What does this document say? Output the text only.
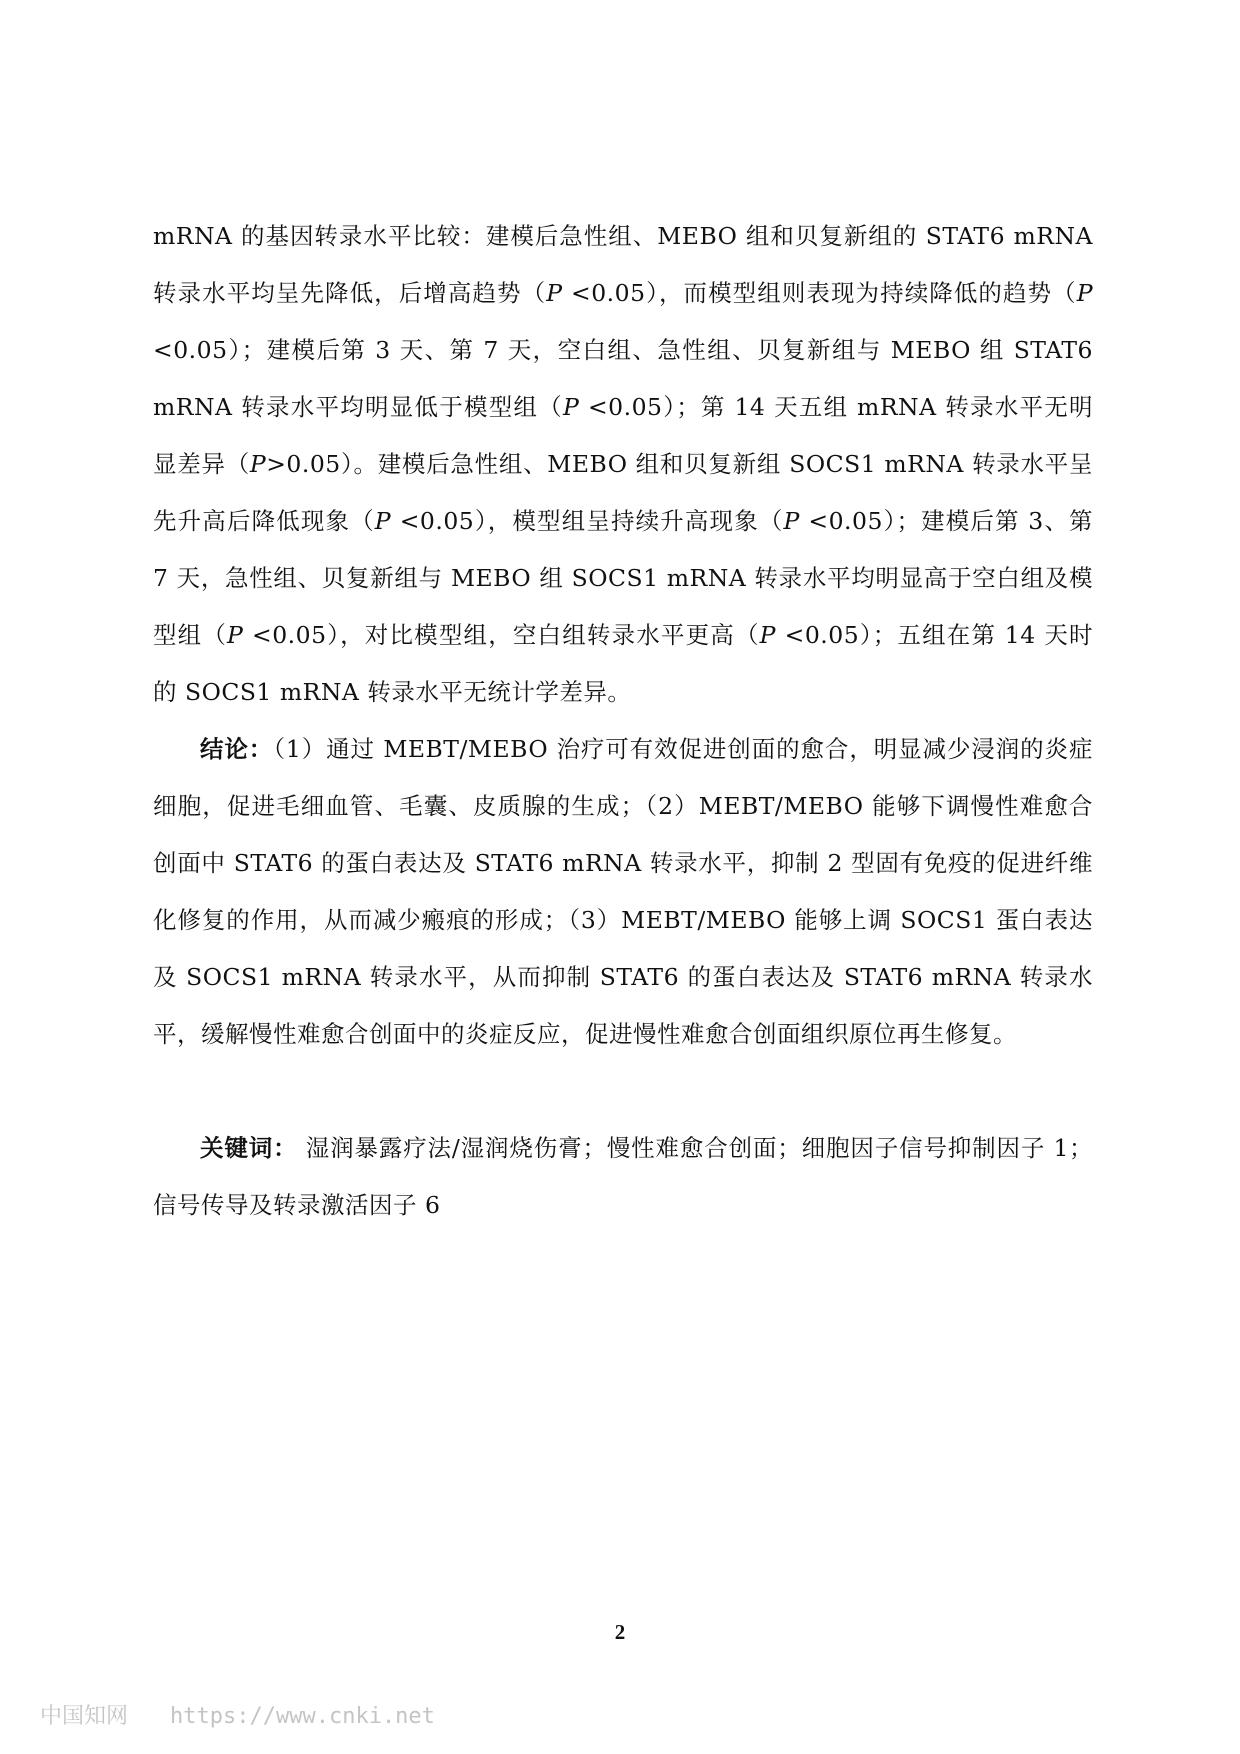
mRNA 的基因转录水平比较：建模后急性组、MEBO 组和贝复新组的 STAT6 mRNA 转录水平均呈先降低，后增高趋势（P <0.05），而模型组则表现为持续降低的趋势（P <0.05）；建模后第 3 天、第 7 天，空白组、急性组、贝复新组与 MEBO 组 STAT6 mRNA 转录水平均明显低于模型组（P <0.05）；第 14 天五组 mRNA 转录水平无明显差异（P>0.05）。建模后急性组、MEBO 组和贝复新组 SOCS1 mRNA 转录水平呈先升高后降低现象（P <0.05），模型组呈持续升高现象（P <0.05）；建模后第 3、第 7 天，急性组、贝复新组与 MEBO 组 SOCS1 mRNA 转录水平均明显高于空白组及模型组（P <0.05），对比模型组，空白组转录水平更高（P <0.05）；五组在第 14 天时的 SOCS1 mRNA 转录水平无统计学差异。

结论：（1）通过 MEBT/MEBO 治疗可有效促进创面的愈合，明显减少浸润的炎症细胞，促进毛细血管、毛囊、皮质腺的生成；（2）MEBT/MEBO 能够下调慢性难愈合创面中 STAT6 的蛋白表达及 STAT6 mRNA 转录水平，抑制 2 型固有免疫的促进纤维化修复的作用，从而减少瘢痕的形成；（3）MEBT/MEBO 能够上调 SOCS1 蛋白表达及 SOCS1 mRNA 转录水平，从而抑制 STAT6 的蛋白表达及 STAT6 mRNA 转录水平，缓解慢性难愈合创面中的炎症反应，促进慢性难愈合创面组织原位再生修复。

关键词： 湿润暴露疗法/湿润烧伤膏；慢性难愈合创面；细胞因子信号抑制因子 1；信号传导及转录激活因子 6

2
中国知网 https://www.cnki.net
